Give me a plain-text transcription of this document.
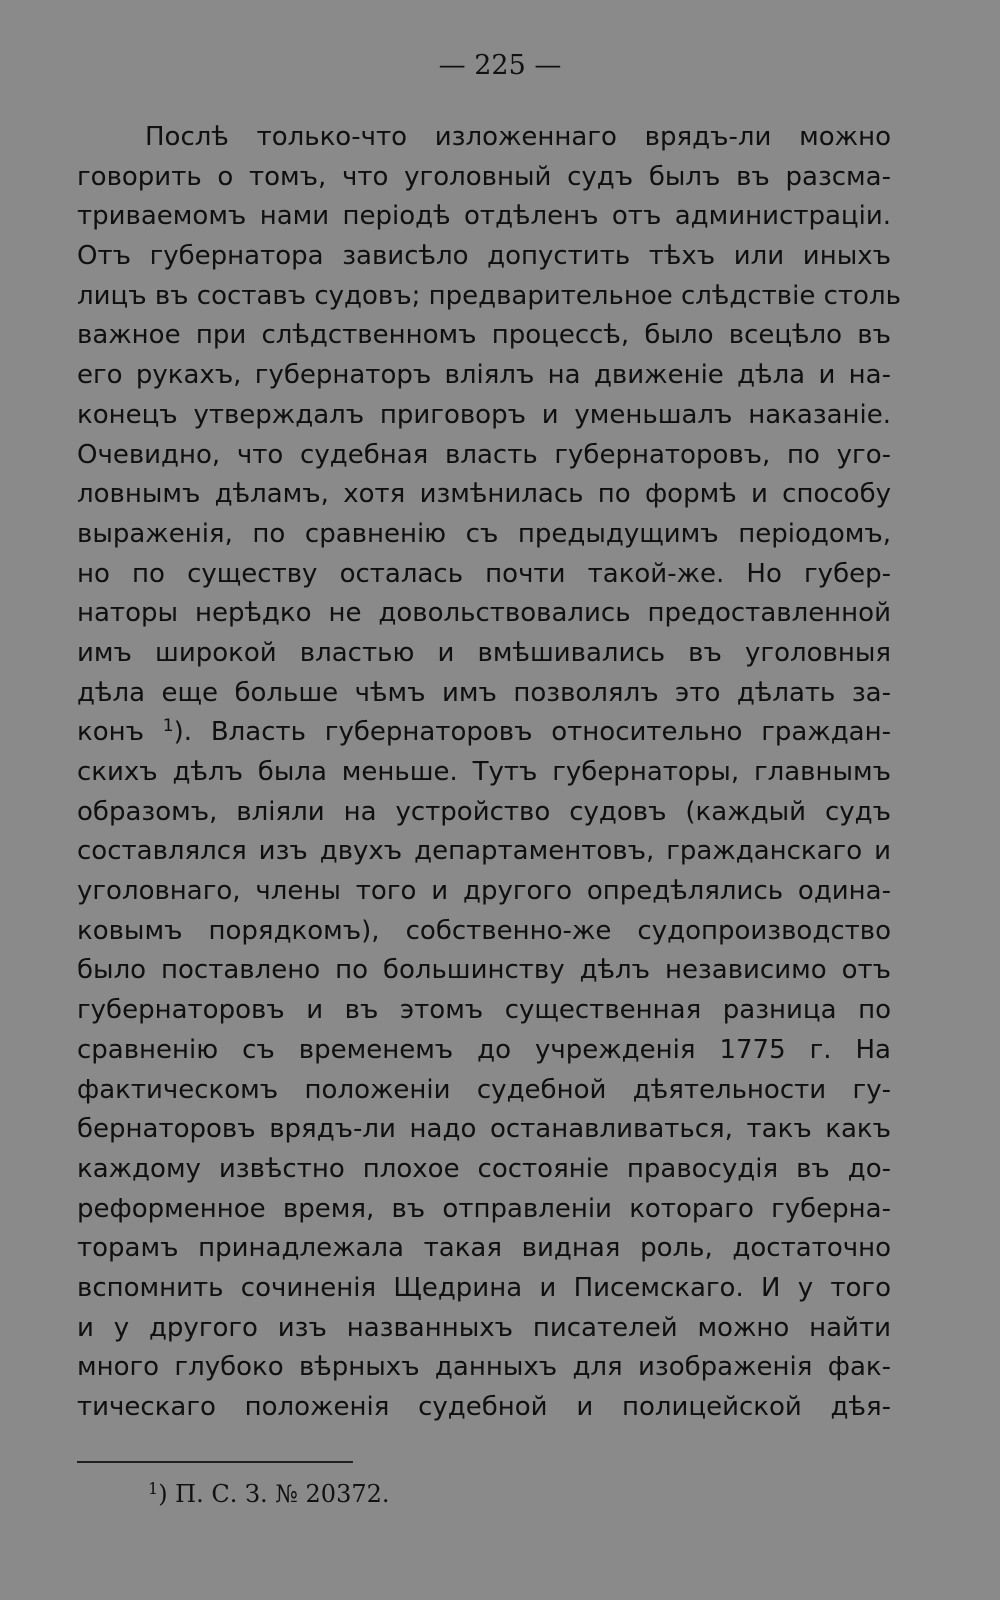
— 225 —
Послѣ только-что изложеннаго врядъ-ли можно
говорить о томъ, что уголовный судъ былъ въ разсма-
триваемомъ нами періодѣ отдѣленъ отъ администраціи.
Отъ губернатора зависѣло допустить тѣхъ или иныхъ
лицъ въ составъ судовъ; предварительное слѣдствіе столь
важное при слѣдственномъ процессѣ, было всецѣло въ
его рукахъ, губернаторъ вліялъ на движеніе дѣла и на-
конецъ утверждалъ приговоръ и уменьшалъ наказаніе.
Очевидно, что судебная власть губернаторовъ, по уго-
ловнымъ дѣламъ, хотя измѣнилась по формѣ и способу
выраженія, по сравненію съ предыдущимъ періодомъ,
но по существу осталась почти такой-же. Но губер-
наторы нерѣдко не довольствовались предоставленной
имъ широкой властью и вмѣшивались въ уголовныя
дѣла еще больше чѣмъ имъ позволялъ это дѣлать за-
конъ $^1$). Власть губернаторовъ относительно граждан-
скихъ дѣлъ была меньше. Тутъ губернаторы, главнымъ
образомъ, вліяли на устройство судовъ (каждый судъ
составлялся изъ двухъ департаментовъ, гражданскаго и
уголовнаго, члены того и другого опредѣлялись одина-
ковымъ порядкомъ), собственно-же судопроизводство
было поставлено по большинству дѣлъ независимо отъ
губернаторовъ и въ этомъ существенная разница по
сравненію съ временемъ до учрежденія 1775 г. На
фактическомъ положеніи судебной дѣятельности гу-
бернаторовъ врядъ-ли надо останавливаться, такъ какъ
каждому извѣстно плохое состояніе правосудія въ до-
реформенное время, въ отправленіи котораго губерна-
торамъ принадлежала такая видная роль, достаточно
вспомнить сочиненія Щедрина и Писемскаго. И у того
и у другого изъ названныхъ писателей можно найти
много глубоко вѣрныхъ данныхъ для изображенія фак-
тическаго положенія судебной и полицейской дѣя-
$^1$) П. С. З. № 20372.
